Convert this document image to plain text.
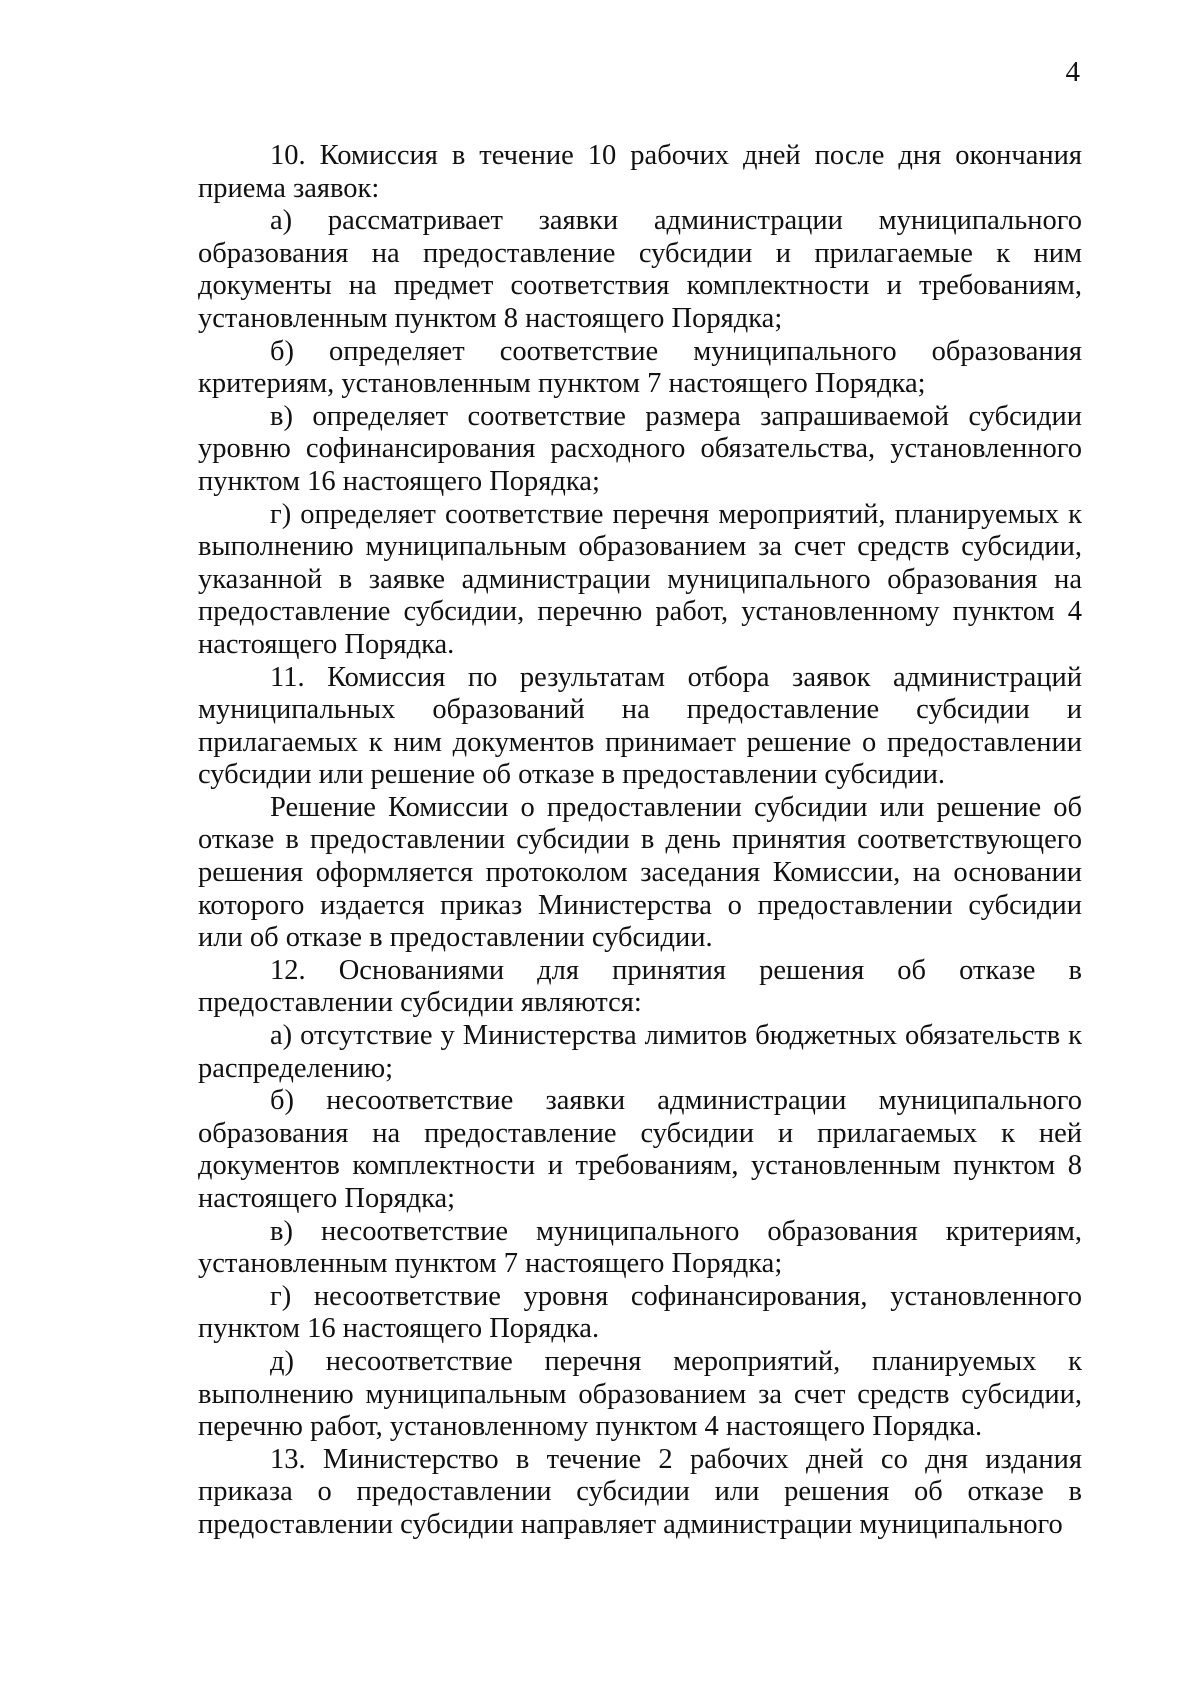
4

10. Комиссия в течение 10 рабочих дней после дня окончания приема заявок:

а) рассматривает заявки администрации муниципального образования на предоставление субсидии и прилагаемые к ним документы на предмет соответствия комплектности и требованиям, установленным пунктом 8 настоящего Порядка;

б) определяет соответствие муниципального образования критериям, установленным пунктом 7 настоящего Порядка;

в) определяет соответствие размера запрашиваемой субсидии уровню софинансирования расходного обязательства, установленного пунктом 16 настоящего Порядка;

г) определяет соответствие перечня мероприятий, планируемых к выполнению муниципальным образованием за счет средств субсидии, указанной в заявке администрации муниципального образования на предоставление субсидии, перечню работ, установленному пунктом 4 настоящего Порядка.

11. Комиссия по результатам отбора заявок администраций муниципальных образований на предоставление субсидии и прилагаемых к ним документов принимает решение о предоставлении субсидии или решение об отказе в предоставлении субсидии.

Решение Комиссии о предоставлении субсидии или решение об отказе в предоставлении субсидии в день принятия соответствующего решения оформляется протоколом заседания Комиссии, на основании которого издается приказ Министерства о предоставлении субсидии или об отказе в предоставлении субсидии.

12. Основаниями для принятия решения об отказе в предоставлении субсидии являются:

а) отсутствие у Министерства лимитов бюджетных обязательств к распределению;

б) несоответствие заявки администрации муниципального образования на предоставление субсидии и прилагаемых к ней документов комплектности и требованиям, установленным пунктом 8 настоящего Порядка;

в) несоответствие муниципального образования критериям, установленным пунктом 7 настоящего Порядка;

г) несоответствие уровня софинансирования, установленного пунктом 16 настоящего Порядка.

д) несоответствие перечня мероприятий, планируемых к выполнению муниципальным образованием за счет средств субсидии, перечню работ, установленному пунктом 4 настоящего Порядка.

13. Министерство в течение 2 рабочих дней со дня издания приказа о предоставлении субсидии или решения об отказе в предоставлении субсидии направляет администрации муниципального
